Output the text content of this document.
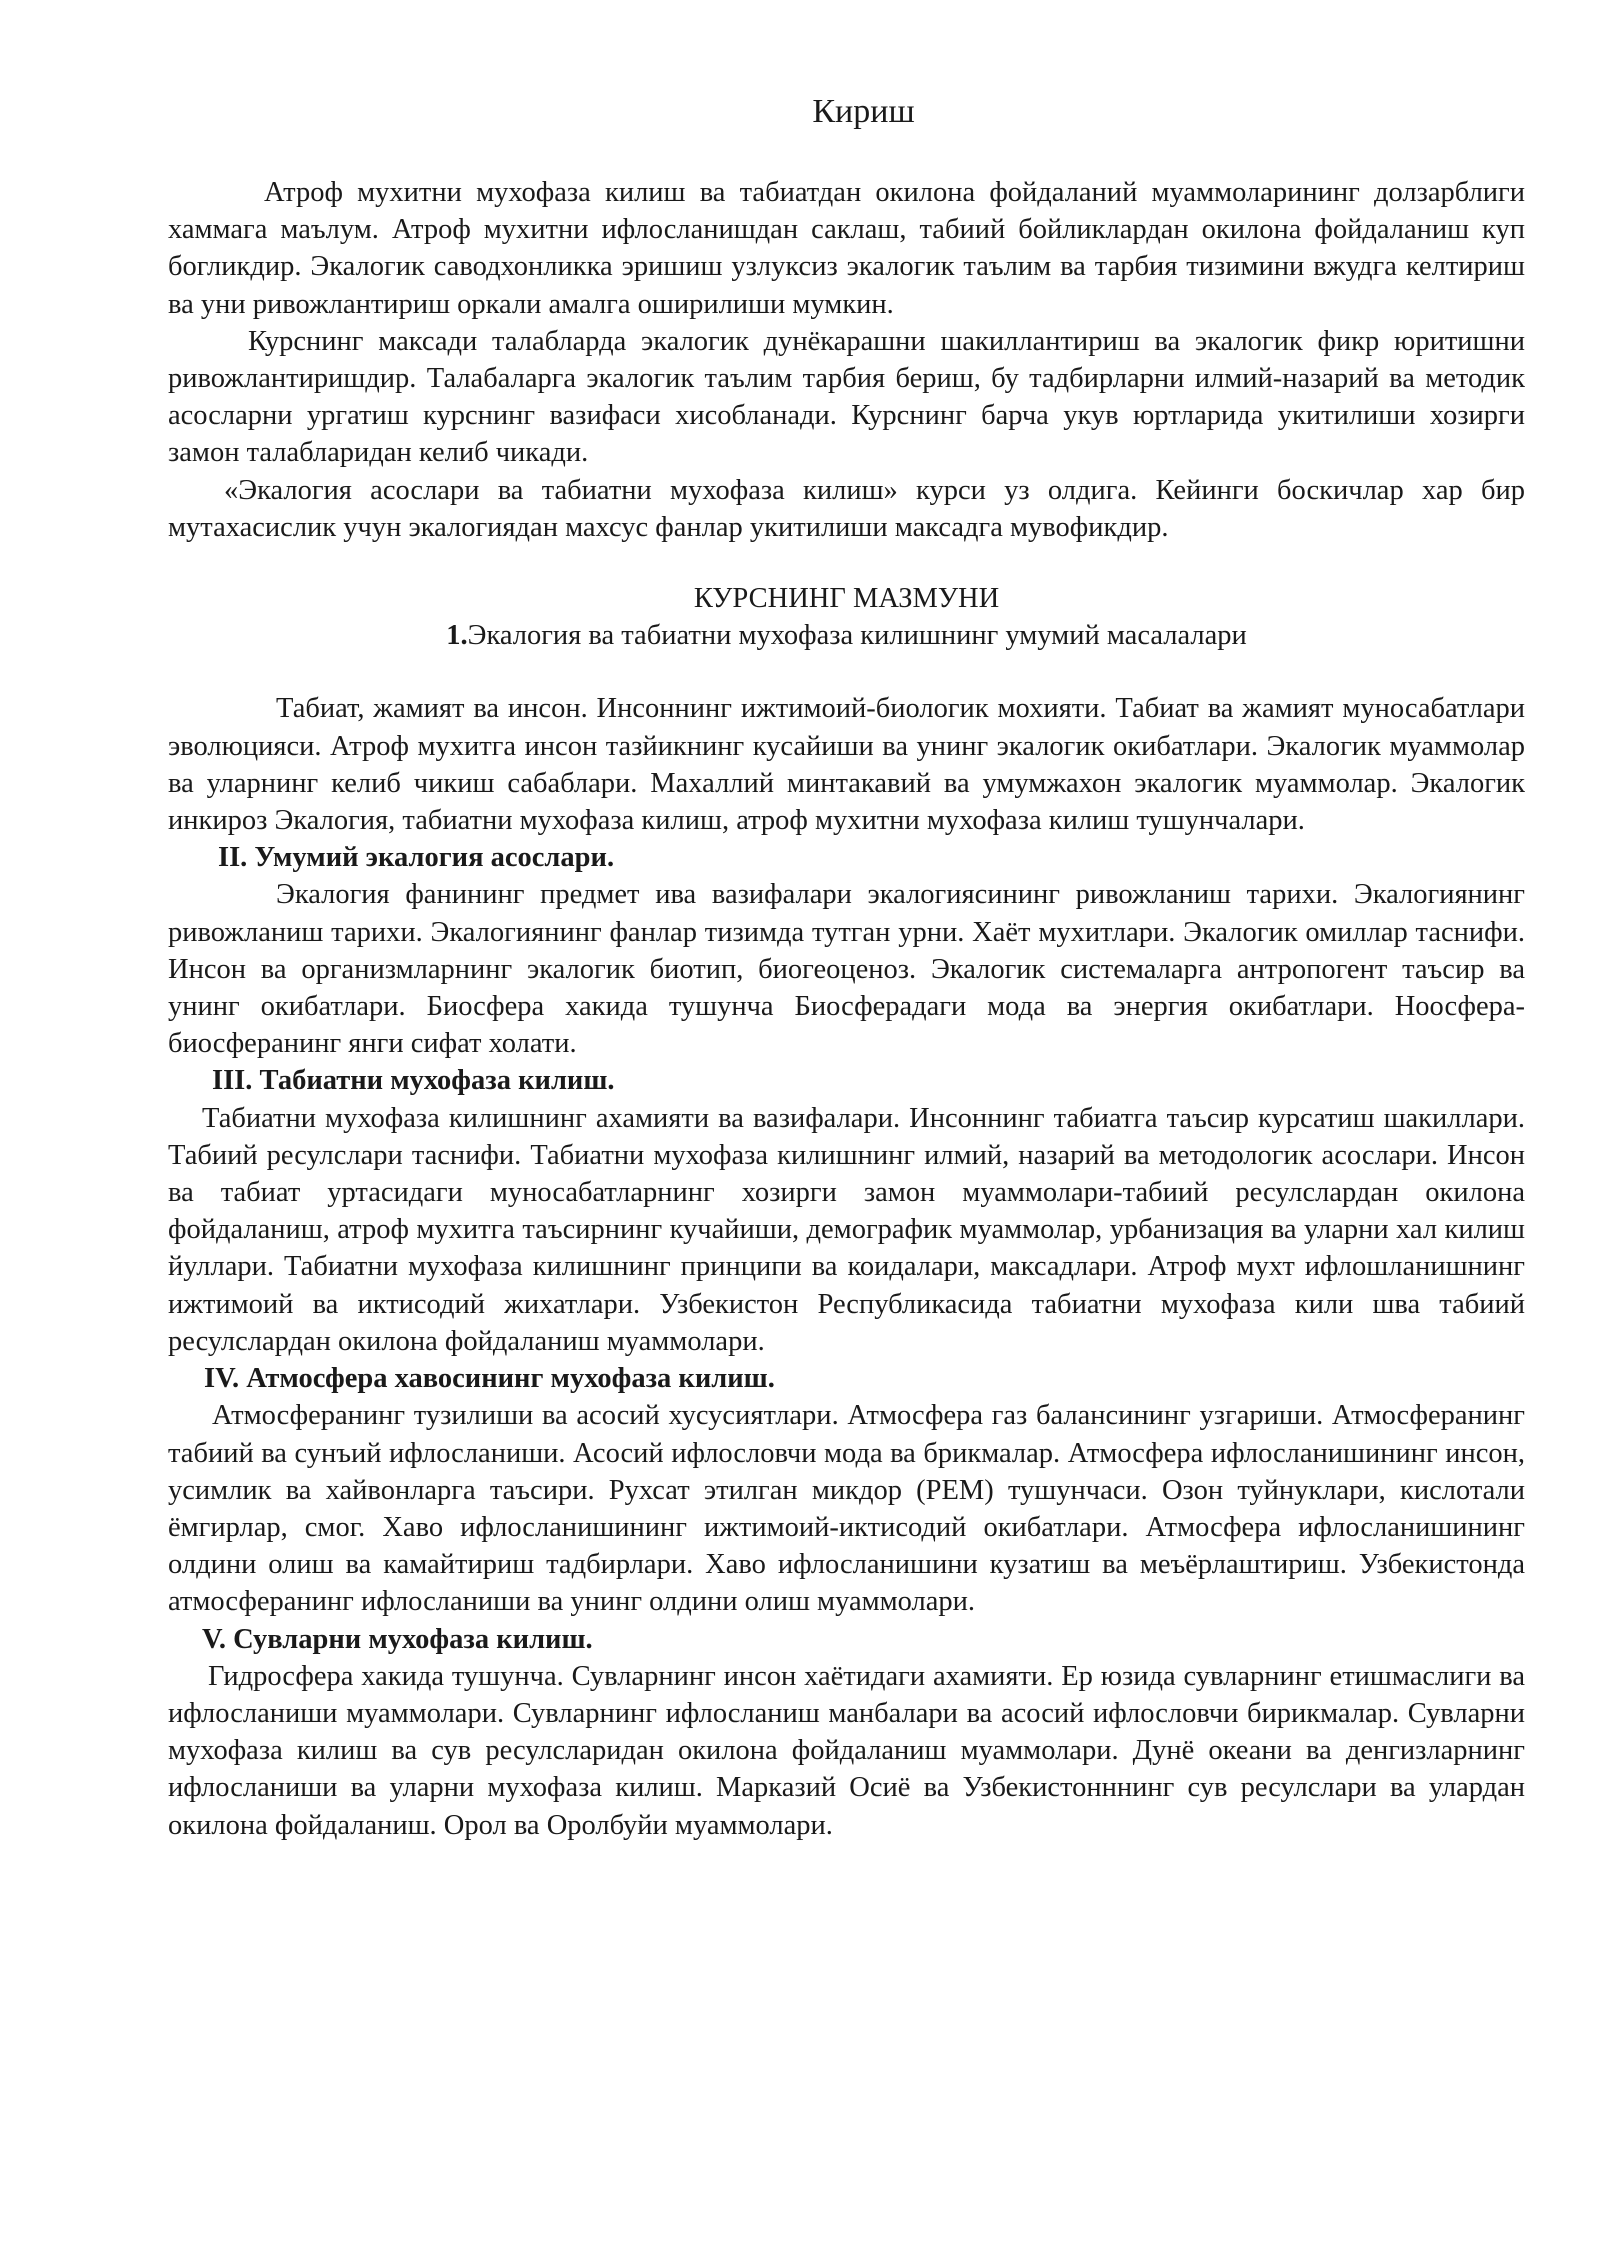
Кириш

Атроф мухитни мухофаза килиш ва табиатдан окилона фойдаланий муаммоларининг долзарблиги хаммага маълум. Атроф мухитни ифлосланишдан саклаш, табиий бойликлардан окилона фойдаланиш куп богликдир. Экалогик саводхонликка эришиш узлуксиз экалогик таълим ва тарбия тизимини вжудга келтириш ва уни ривожлантириш оркали амалга оширилиши мумкин.

Курснинг максади талабларда экалогик дунёкарашни шакиллантириш ва экалогик фикр юритишни ривожлантиришдир. Талабаларга экалогик таълим тарбия бериш, бу тадбирларни илмий-назарий ва методик асосларни ургатиш курснинг вазифаси хисобланади. Курснинг барча укув юртларида укитилиши хозирги замон талабларидан келиб чикади.

«Экалогия асослари ва табиатни мухофаза килиш» курси уз олдига. Кейинги боскичлар хар бир мутахасислик учун экалогиядан махсус фанлар укитилиши максадга мувофикдир.

КУРСНИНГ МАЗМУНИ
1.Экалогия ва табиатни мухофаза килишнинг умумий масалалари

Табиат, жамият ва инсон. Инсоннинг ижтимоий-биологик мохияти. Табиат ва жамият муносабатлари эволюцияси. Атроф мухитга инсон тазйикнинг кусайиши ва унинг экалогик окибатлари. Экалогик муаммолар ва уларнинг келиб чикиш сабаблари. Махаллий минтакавий ва умумжахон экалогик муаммолар. Экалогик инкироз Экалогия, табиатни мухофаза килиш, атроф мухитни мухофаза килиш тушунчалари.

II. Умумий экалогия асослари.

Экалогия фанининг предмет ива вазифалари экалогиясининг ривожланиш тарихи. Экалогиянинг ривожланиш тарихи. Экалогиянинг фанлар тизимда тутган урни. Хаёт мухитлари. Экалогик омиллар таснифи. Инсон ва организмларнинг экалогик биотип, биогеоценоз. Экалогик системаларга антропогент таъсир ва унинг окибатлари. Биосфера хакида тушунча Биосферадаги мода ва энергия окибатлари. Ноосфера-биосферанинг янги сифат холати.

III. Табиатни мухофаза килиш.

Табиатни мухофаза килишнинг ахамияти ва вазифалари. Инсоннинг табиатга таъсир курсатиш шакиллари. Табиий ресулслари таснифи. Табиатни мухофаза килишнинг илмий, назарий ва методологик асослари. Инсон ва табиат уртасидаги муносабатларнинг хозирги замон муаммолари-табиий ресулслардан окилона фойдаланиш, атроф мухитга таъсирнинг кучайиши, демографик муаммолар, урбанизация ва уларни хал килиш йуллари. Табиатни мухофаза килишнинг принципи ва коидалари, максадлари. Атроф мухт ифлошланишнинг ижтимоий ва иктисодий жихатлари. Узбекистон Республикасида табиатни мухофаза кили шва табиий ресулслардан окилона фойдаланиш муаммолари.

IV. Атмосфера хавосининг мухофаза килиш.

Атмосферанинг тузилиши ва асосий хусусиятлари. Атмосфера газ балансининг узгариши. Атмосферанинг табиий ва сунъий ифлосланиши. Асосий ифлословчи мода ва брикмалар. Атмосфера ифлосланишининг инсон, усимлик ва хайвонларга таъсири. Рухсат этилган микдор (РЕМ) тушунчаси. Озон туйнуклари, кислотали ёмгирлар, смог. Хаво ифлосланишининг ижтимоий-иктисодий окибатлари. Атмосфера ифлосланишининг олдини олиш ва камайтириш тадбирлари. Хаво ифлосланишини кузатиш ва меъёрлаштириш. Узбекистонда атмосферанинг ифлосланиши ва унинг олдини олиш муаммолари.

V. Сувларни мухофаза килиш.

Гидросфера хакида тушунча. Сувларнинг инсон хаётидаги ахамияти. Ер юзида сувларнинг етишмаслиги ва ифлосланиши муаммолари. Сувларнинг ифлосланиш манбалари ва асосий ифлословчи бирикмалар. Сувларни мухофаза килиш ва сув ресулсларидан окилона фойдаланиш муаммолари. Дунё океани ва денгизларнинг ифлосланиши ва уларни мухофаза килиш. Марказий Осиё ва Узбекистонннинг сув ресулслари ва улардан окилона фойдаланиш. Орол ва Оролбуйи муаммолари.
